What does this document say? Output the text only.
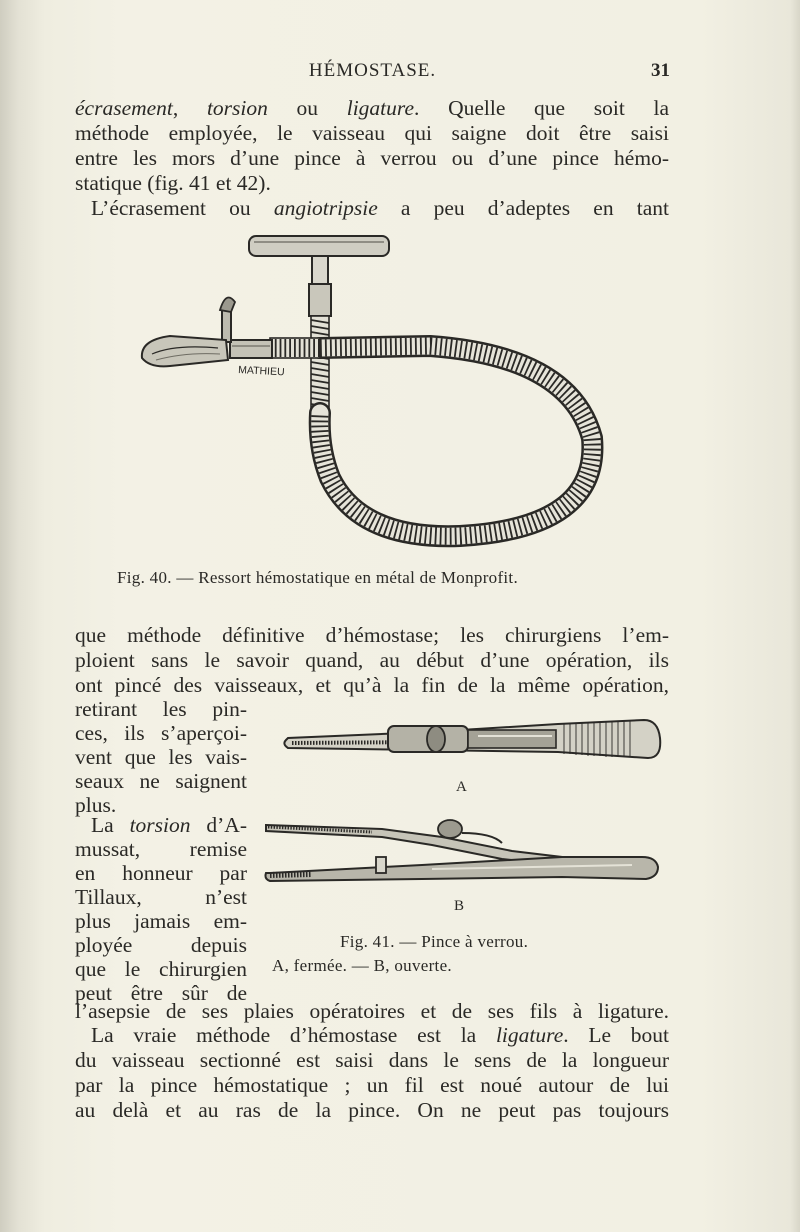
HÉMOSTASE.	31
écrasement, torsion ou ligature. Quelle que soit la
méthode employée, le vaisseau qui saigne doit être saisi
entre les mors d’une pince à verrou ou d’une pince hémo-
statique (fig. 41 et 42).
L’écrasement ou angiotripsie a peu d’adeptes en tant
MATHIEU
Fig. 40. — Ressort hémostatique en métal de Monprofit.
que méthode définitive d’hémostase; les chirurgiens l’em-
ploient sans le savoir quand, au début d’une opération, ils
ont pincé des vaisseaux, et qu’à la fin de la même opération,
retirant les pin-
ces, ils s’aperçoi-
vent que les vais-
seaux ne saignent
plus.
La torsion d’A-
mussat, remise
en honneur par
Tillaux, n’est
plus jamais em-
ployée depuis
que le chirurgien
peut être sûr de
l’asepsie de ses plaies opératoires et de ses fils à ligature.
A
B
Fig. 41. — Pince à verrou.
A, fermée. — B, ouverte.
La vraie méthode d’hémostase est la ligature. Le bout
du vaisseau sectionné est saisi dans le sens de la longueur
par la pince hémostatique ; un fil est noué autour de lui
au delà et au ras de la pince. On ne peut pas toujours
